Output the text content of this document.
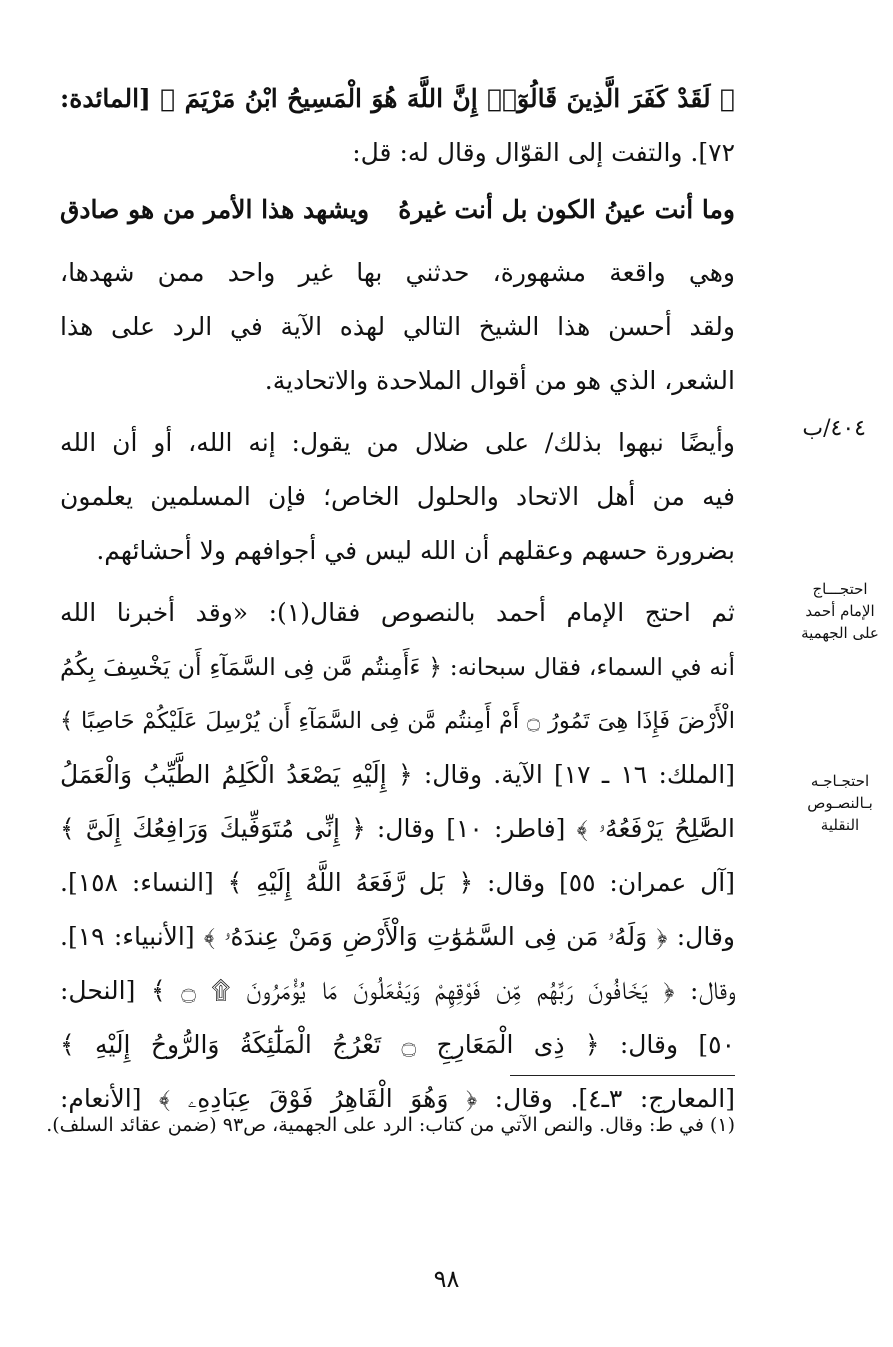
﴿ لَقَدْ كَفَرَ الَّذِينَ قَالُوٓا۟ إِنَّ اللَّهَ هُوَ الْمَسِيحُ ابْنُ مَرْيَمَ ﴾ [المائدة:
٧٢]. والتفت إلى القوّال وقال له: قل:
وما أنت عينُ الكون بل أنت غيرهُ
ويشهد هذا الأمر من هو صادق
وهي واقعة مشهورة، حدثني بها غير واحد ممن شهدها،
ولقد أحسن هذا الشيخ التالي لهذه الآية في الرد على هذا
الشعر، الذي هو من أقوال الملاحدة والاتحادية.
وأيضًا نبهوا بذلك/ على ضلال من يقول: إنه الله، أو أن الله
فيه من أهل الاتحاد والحلول الخاص؛ فإن المسلمين يعلمون
بضرورة حسهم وعقلهم أن الله ليس في أجوافهم ولا أحشائهم.
ثم احتج الإمام أحمد بالنصوص فقال(١): «وقد أخبرنا الله
أنه في السماء، فقال سبحانه: ﴿ ءَأَمِنتُم مَّن فِى السَّمَآءِ أَن يَخْسِفَ بِكُمُ
الْأَرْضَ فَإِذَا هِىَ تَمُورُ ۝ أَمْ أَمِنتُم مَّن فِى السَّمَآءِ أَن يُرْسِلَ عَلَيْكُمْ حَاصِبًا ﴾
[الملك: ١٦ ـ ١٧] الآية. وقال: ﴿ إِلَيْهِ يَصْعَدُ الْكَلِمُ الطَّيِّبُ وَالْعَمَلُ
الصَّٰلِحُ يَرْفَعُهُۥ ﴾ [فاطر: ١٠] وقال: ﴿ إِنِّى مُتَوَفِّيكَ وَرَافِعُكَ إِلَىَّ ﴾
[آل عمران: ٥٥] وقال: ﴿ بَل رَّفَعَهُ اللَّهُ إِلَيْهِ ﴾ [النساء: ١٥٨].
وقال: ﴿ وَلَهُۥ مَن فِى السَّمَٰوَٰتِ وَالْأَرْضِ وَمَنْ عِندَهُۥ ﴾ [الأنبياء: ١٩].
وقال: ﴿ يَخَافُونَ رَبَّهُم مِّن فَوْقِهِمْ وَيَفْعَلُونَ مَا يُؤْمَرُونَ ۩ ۝ ﴾ [النحل:
٥٠] وقال: ﴿ ذِى الْمَعَارِجِ ۝ تَعْرُجُ الْمَلَٰٓئِكَةُ وَالرُّوحُ إِلَيْهِ ﴾
[المعارج: ٣ـ٤]. وقال: ﴿ وَهُوَ الْقَاهِرُ فَوْقَ عِبَادِهِۦ ﴾ [الأنعام:
٤٠٤/ب
احتجـــاج الإمام أحمد على الجهمية
احتجـاجـه بـالنصـوص النقلية
(١) في ط: وقال. والنص الآتي من كتاب: الرد على الجهمية، ص٩٣ (ضمن عقائد السلف).
٩٨
